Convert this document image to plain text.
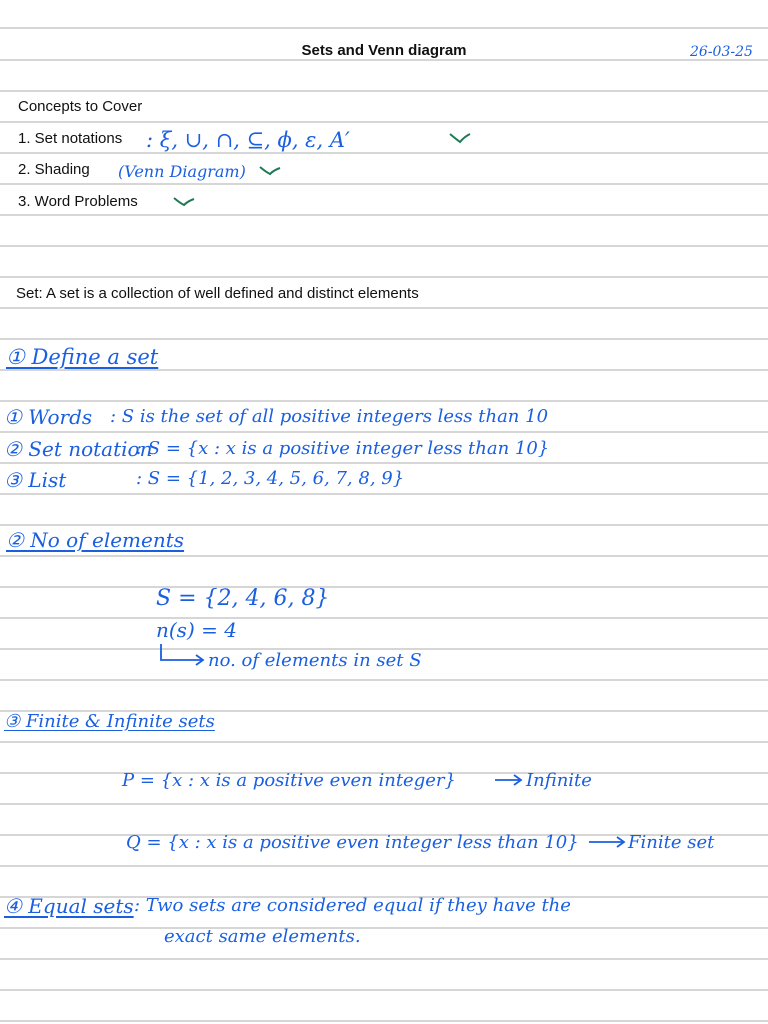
Sets and Venn diagram	26-03-25
Concepts to Cover
1. Set notations : ξ, ∪, ∩, ⊆, ϕ, ε, A′
2. Shading (Venn Diagram)
3. Word Problems
Set: A set is a collection of well defined and distinct elements
① Define a set
① Words : S is the set of all positive integers less than 10
② Set notation
: S = {x : x is a positive integer less than 10}
③ List	: S = {1, 2, 3, 4, 5, 6, 7, 8, 9}
② No of elements
S = {2, 4, 6, 8}
n(s) = 4
no. of elements in set S
③ Finite & Infinite sets
P = {x : x is a positive even integer}	Infinite
Q = {x : x is a positive even integer less than 10}	Finite set
④ Equal sets : Two sets are considered equal if they have the
exact same elements.
